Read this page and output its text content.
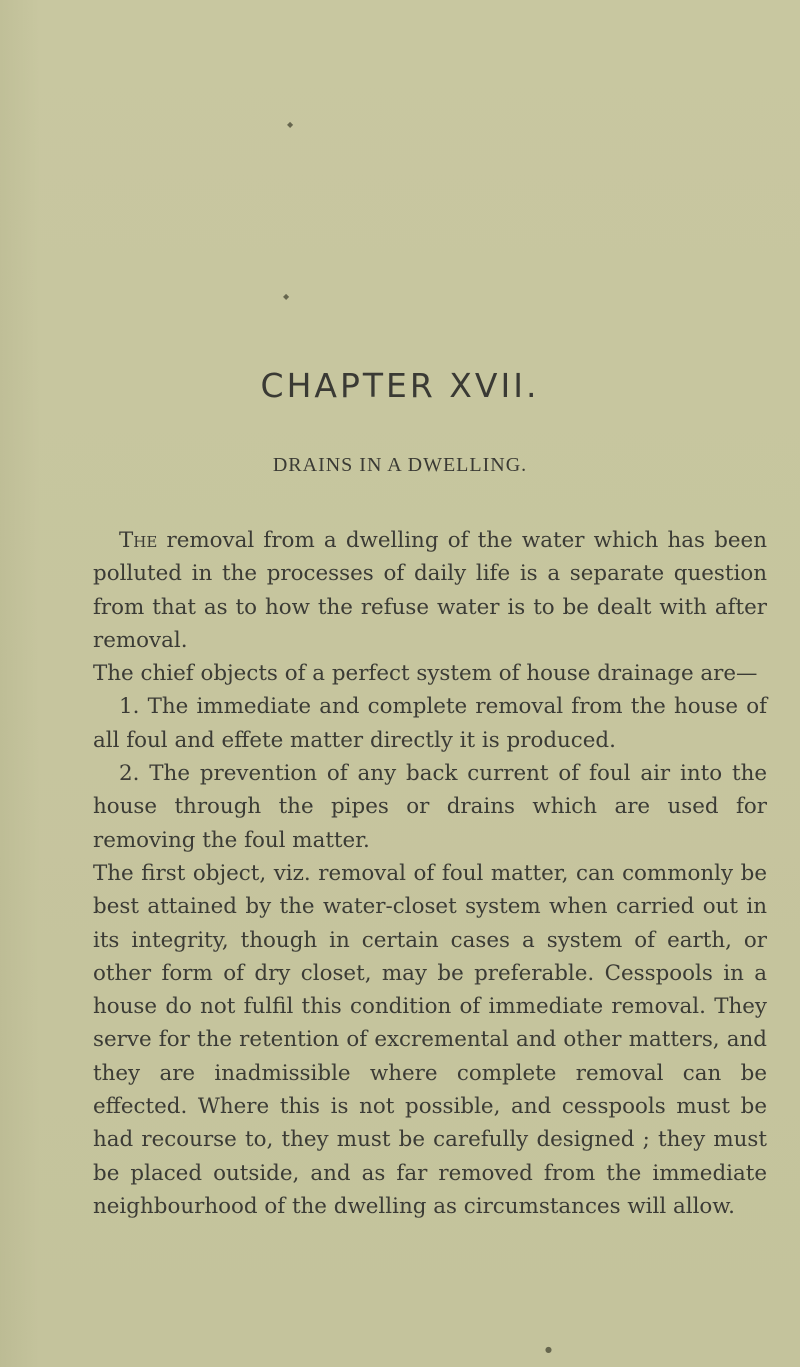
CHAPTER XVII.
DRAINS IN A DWELLING.

The removal from a dwelling of the water which has been polluted in the processes of daily life is a separate question from that as to how the refuse water is to be dealt with after removal.

The chief objects of a perfect system of house drainage are—

1. The immediate and complete removal from the house of all foul and effete matter directly it is produced.

2. The prevention of any back current of foul air into the house through the pipes or drains which are used for removing the foul matter.

The first object, viz. removal of foul matter, can commonly be best attained by the water-closet system when carried out in its integrity, though in certain cases a system of earth, or other form of dry closet, may be preferable. Cesspools in a house do not fulfil this condition of immediate removal. They serve for the retention of excremental and other matters, and they are inadmissible where complete removal can be effected. Where this is not possible, and cesspools must be had recourse to, they must be carefully designed ; they must be placed outside, and as far removed from the immediate neighbourhood of the dwelling as circumstances will allow.

◆
◆
●
